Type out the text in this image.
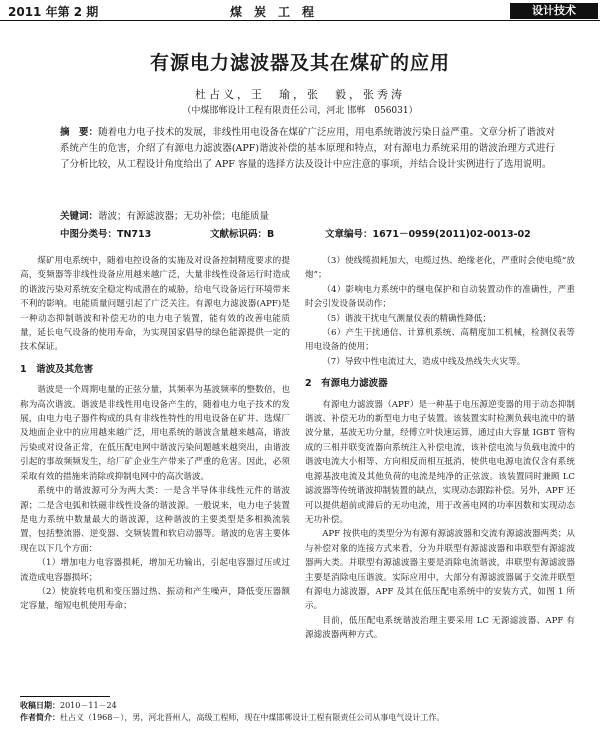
2011 年第 2 期	煤炭工程	设计技术
有源电力滤波器及其在煤矿的应用
杜占义，王　瑜，张　毅，张秀涛
（中煤邯郸设计工程有限责任公司，河北 邯郸　056031）
摘　要：随着电力电子技术的发展，非线性用电设备在煤矿广泛应用，用电系统谐波污染日益严重。文章分析了谐波对系统产生的危害，介绍了有源电力滤波器(APF)谐波补偿的基本原理和特点，对有源电力系统采用的谐波治理方式进行了分析比较，从工程设计角度给出了 APF 容量的选择方法及设计中应注意的事项，并结合设计实例进行了选用说明。
关键词：谐波；有源滤波器；无功补偿；电能质量
中图分类号：TN713	文献标识码：B	文章编号：1671－0959(2011)02-0013-02

煤矿用电系统中，随着电控设备的实施及对设备控制精度要求的提高，变频器等非线性设备应用越来越广泛，大量非线性设备运行时造成的谐波污染对系统安全稳定构成潜在的威胁，给电气设备运行环境带来不利的影响。电能质量问题引起了广泛关注。有源电力滤波器(APF)是一种动态抑制谐波和补偿无功的电力电子装置，能有效的改善电能质量，延长电气设备的使用寿命，为实现国家倡导的绿色能源提供一定的技术保证。

1　谐波及其危害

谐波是一个周期电量的正弦分量，其频率为基波频率的整数倍，也称为高次谐波。谐波是非线性用电设备产生的，随着电力电子技术的发展，由电力电子器件构成的具有非线性特性的用电设备在矿井、选煤厂及地面企业中的应用越来越广泛，用电系统的谐波含量越来越高，谐波污染或对设备正常，在低压配电网中谐波污染问题越来越突出，由谐波引起的事故频频发生，给厂矿企业生产带来了严重的危害。因此，必须采取有效的措施来消除或抑制电网中的高次谐波。

系统中的谐波源可分为两大类：一是含半导体非线性元件的谐波源；二是含电弧和铁磁非线性设备的谐波源。一般说来，电力电子装置是电力系统中数量最大的谐波源，这种谐波的主要类型是多相换流装置，包括整流器、逆变器、交频装置和软启动器等。谐波的危害主要体现在以下几个方面：

（1）增加电力电容器损耗，增加无功输出，引起电容器过压或过流造成电容器损坏；
（2）使旋转电机和变压器过热、振动和产生噪声，降低变压器额定容量，缩短电机使用寿命；
（3）使线缆损耗加大，电缆过热、绝缘老化，严重时会使电缆“放炮”；
（4）影响电力系统中的继电保护和自动装置动作的准确性，严重时会引发设备误动作；
（5）谐波干扰电气测量仪表的精确性降低；
（6）产生干扰通信、计算机系统、高精度加工机械，检测仪表等用电设备的使用；
（7）导致中性电流过大，造成中线及热线失火灾等。
2　有源电力滤波器

有源电力滤波器（APF）是一种基于电压源逆变器的用于动态抑制谐波、补偿无功的新型电力电子装置。该装置实时检测负载电流中的谐波分量，基波无功分量，经傅立叶快速运算，通过由大容量 IGBT 管构成的三相并联变流器向系统注入补偿电流，该补偿电流与负载电流中的谐波电流大小相等、方向相反而相互抵消，使供电电源电流仅含有系统电源基波电流及其他负荷的电流是纯净的正弦波。该装置同时兼顾 LC 滤波器等传统谐波抑制装置的缺点，实现动态跟踪补偿。另外，APF 还可以提供超前或滞后的无功电流，用于改善电网的功率因数和实现动态无功补偿。

APF 按供电的类型分为有源有源滤波器和交流有源滤波器两类；从与补偿对象的连接方式来看，分为并联型有源滤波器和串联型有源滤波器两大类。并联型有源滤波器主要是消除电流谐波，串联型有源滤波器主要是消除电压谐波。实际应用中，大部分有源滤波器属于交流并联型有源电力滤波器，APF 及其在低压配电系统中的安装方式，如图 1 所示。

目前，低压配电系统谐波治理主要采用 LC 无源滤波器、APF 有源滤波器两种方式。

收稿日期：2010－11－24
作者简介：杜占义（1968－），男，河北晋州人，高级工程师，现在中煤邯郸设计工程有限责任公司从事电气设计工作。
